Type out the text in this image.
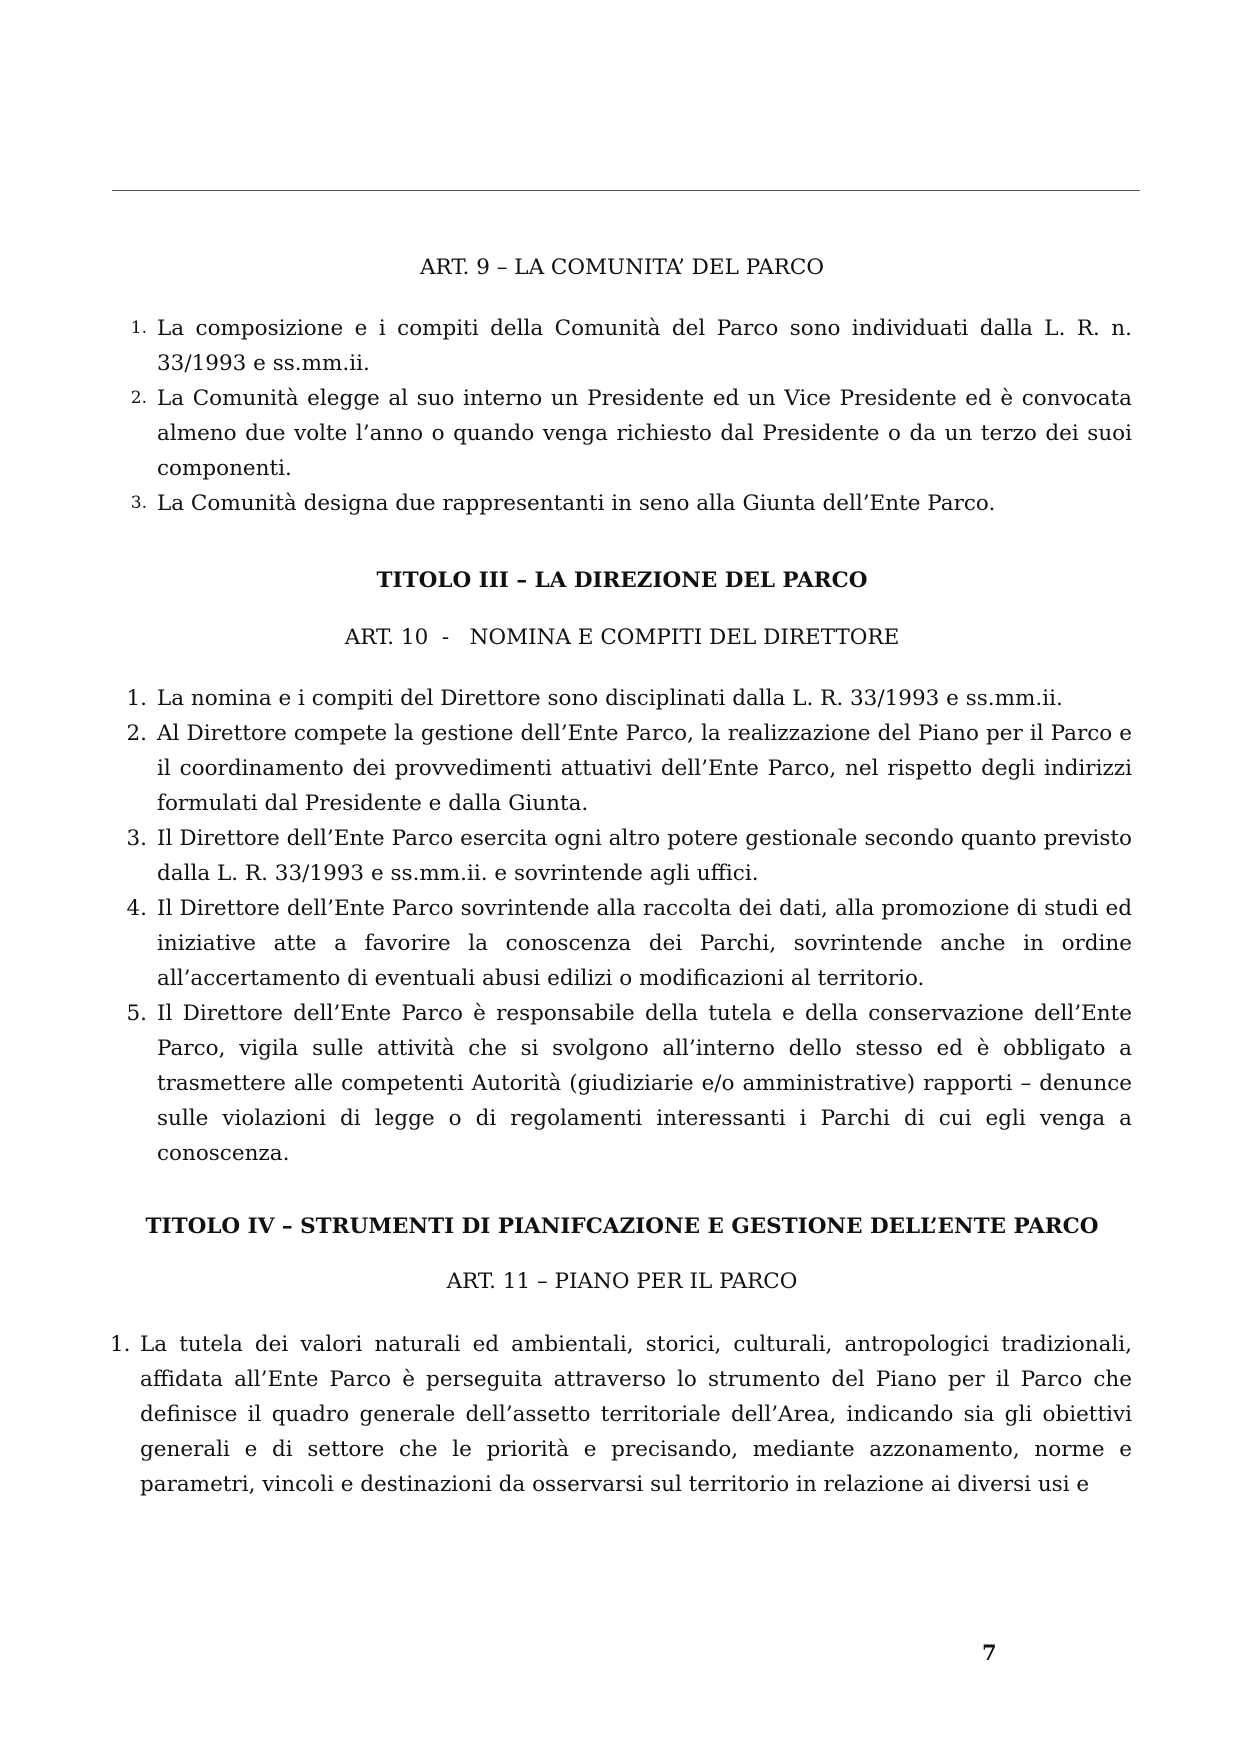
ART. 9 – LA COMUNITA’ DEL PARCO

1. La composizione e i compiti della Comunità del Parco sono individuati dalla L. R. n. 33/1993 e ss.mm.ii.
2. La Comunità elegge al suo interno un Presidente ed un Vice Presidente ed è convocata almeno due volte l’anno o quando venga richiesto dal Presidente o da un terzo dei suoi componenti.
3. La Comunità designa due rappresentanti in seno alla Giunta dell’Ente Parco.

TITOLO III – LA DIREZIONE DEL PARCO

ART. 10  -   NOMINA E COMPITI DEL DIRETTORE

1. La nomina e i compiti del Direttore sono disciplinati dalla L. R. 33/1993 e ss.mm.ii.
2. Al Direttore compete la gestione dell’Ente Parco, la realizzazione del Piano per il Parco e il coordinamento dei provvedimenti attuativi dell’Ente Parco, nel rispetto degli indirizzi formulati dal Presidente e dalla Giunta.
3. Il Direttore dell’Ente Parco esercita ogni altro potere gestionale secondo quanto previsto dalla L. R. 33/1993 e ss.mm.ii. e sovrintende agli uffici.
4. Il Direttore dell’Ente Parco sovrintende alla raccolta dei dati, alla promozione di studi ed iniziative atte a favorire la conoscenza dei Parchi, sovrintende anche in ordine all’accertamento di eventuali abusi edilizi o modificazioni al territorio.
5. Il Direttore dell’Ente Parco è responsabile della tutela e della conservazione dell’Ente Parco, vigila sulle attività che si svolgono all’interno dello stesso ed è obbligato a trasmettere alle competenti Autorità (giudiziarie e/o amministrative) rapporti – denunce sulle violazioni di legge o di regolamenti interessanti i Parchi di cui egli venga a conoscenza.

TITOLO IV – STRUMENTI DI PIANIFCAZIONE E GESTIONE DELL’ENTE PARCO

ART. 11 – PIANO PER IL PARCO

1. La tutela dei valori naturali ed ambientali, storici, culturali, antropologici tradizionali, affidata all’Ente Parco è perseguita attraverso lo strumento del Piano per il Parco che definisce il quadro generale dell’assetto territoriale dell’Area, indicando sia gli obiettivi generali e di settore che le priorità e precisando, mediante azzonamento, norme e parametri, vincoli e destinazioni da osservarsi sul territorio in relazione ai diversi usi e
7
